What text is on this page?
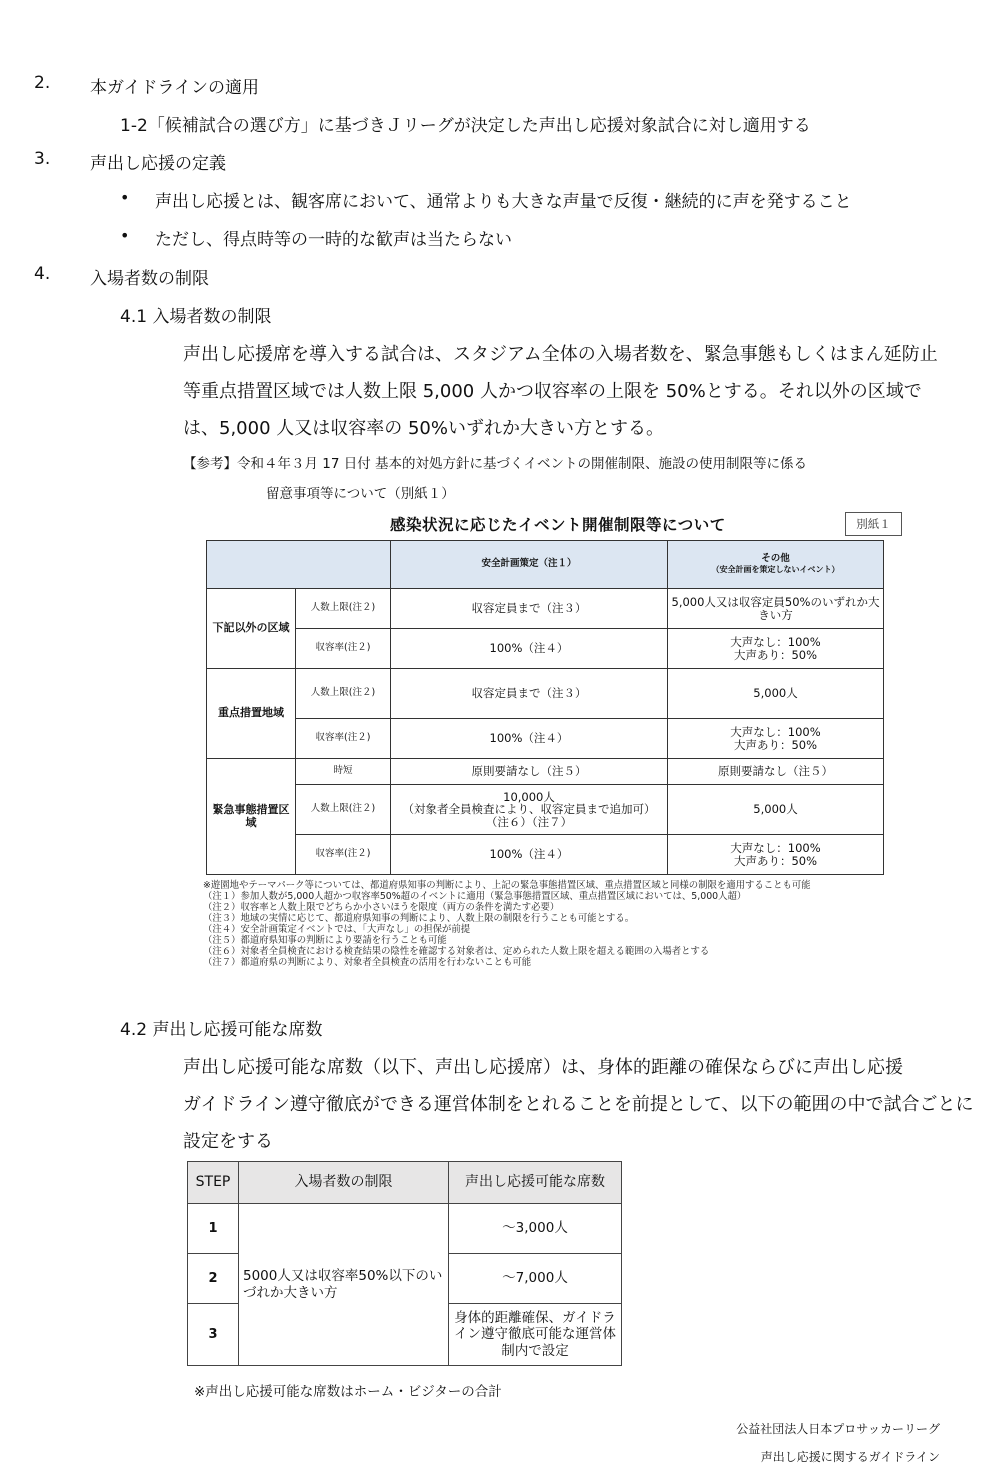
2. 本ガイドラインの適用
1-2「候補試合の選び方」に基づきＪリーグが決定した声出し応援対象試合に対し適用する
3. 声出し応援の定義
• 声出し応援とは、観客席において、通常よりも大きな声量で反復・継続的に声を発すること
• ただし、得点時等の一時的な歓声は当たらない
4. 入場者数の制限
4.1 入場者数の制限
声出し応援席を導入する試合は、スタジアム全体の入場者数を、緊急事態もしくはまん延防止
等重点措置区域では人数上限 5,000 人かつ収容率の上限を 50%とする。それ以外の区域で
は、5,000 人又は収容率の 50%いずれか大きい方とする。
【参考】令和４年３月 17 日付 基本的対処方針に基づくイベントの開催制限、施設の使用制限等に係る
留意事項等について（別紙１）
感染状況に応じたイベント開催制限等について	別紙１
		安全計画策定（注１）	その他
（安全計画を策定しないイベント）

下記以外の区域	人数上限(注２)	収容定員まで（注３）	5,000人又は収容定員50%のいずれか大きい方
	収容率(注２)	100%（注４）	大声なし：100%
大声あり：50%

重点措置地域	人数上限(注２)	収容定員まで（注３）	5,000人
	収容率(注２)	100%（注４）	大声なし：100%
大声あり：50%

緊急事態措置区域	時短	原則要請なし（注５）	原則要請なし（注５）
	人数上限(注２)	10,000人
（対象者全員検査により、収容定員まで追加可）
（注６）（注７）	5,000人
	収容率(注２)	100%（注４）	大声なし：100%
大声あり：50%
※遊園地やテーマパーク等については、都道府県知事の判断により、上記の緊急事態措置区域、重点措置区域と同様の制限を適用することも可能
（注１）参加人数が5,000人超かつ収容率50%超のイベントに適用（緊急事態措置区域、重点措置区域においては、5,000人超）
（注２）収容率と人数上限でどちらか小さいほうを限度（両方の条件を満たす必要）
（注３）地域の実情に応じて、都道府県知事の判断により、人数上限の制限を行うことも可能とする。
（注４）安全計画策定イベントでは、「大声なし」の担保が前提
（注５）都道府県知事の判断により要請を行うことも可能
（注６）対象者全員検査における検査結果の陰性を確認する対象者は、定められた人数上限を超える範囲の入場者とする
（注７）都道府県の判断により、対象者全員検査の活用を行わないことも可能
4.2 声出し応援可能な席数
声出し応援可能な席数（以下、声出し応援席）は、身体的距離の確保ならびに声出し応援
ガイドライン遵守徹底ができる運営体制をとれることを前提として、以下の範囲の中で試合ごとに
設定をする
STEP	入場者数の制限	声出し応援可能な席数
1	5000人又は収容率50%以下のいづれか大きい方	〜3,000人
2		〜7,000人
3		身体的距離確保、ガイドライン遵守徹底可能な運営体制内で設定
※声出し応援可能な席数はホーム・ビジターの合計
公益社団法人日本プロサッカーリーグ
声出し応援に関するガイドライン
